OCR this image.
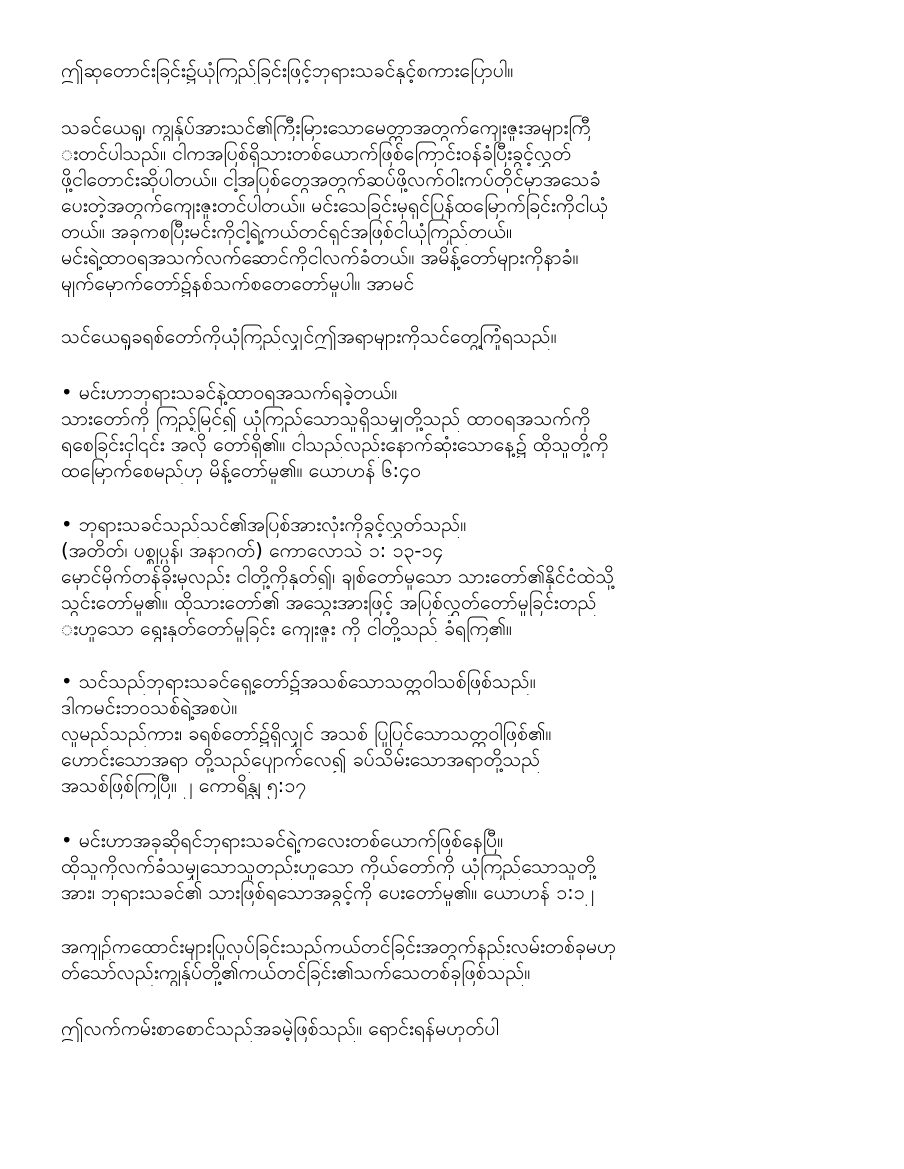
ဤဆုတောင်းခြင်း၌ယုံကြည်ခြင်းဖြင့်ဘုရားသခင်နှင့်စကားပြောပါ။

သခင်ယေရှု၊ ကျွန်ုပ်အားသင်၏ကြီးမြားသောမေတ္တာအတွက်ကျေးဇူးအများကြီ
းတင်ပါသည်။ ငါကအပြစ်ရှိသားတစ်ယောက်ဖြစ်ကြောင်းဝန်ခံပြီးခွင့်လွှတ်
ဖို့ငါတောင်းဆိုပါတယ်။ ငါ့အပြစ်တွေအတွက်ဆပ်ဖို့လက်ဝါးကပ်တိုင်မှာအသေခံ
ပေးတဲ့အတွက်ကျေးဇူးတင်ပါတယ်။ မင်းသေခြင်းမှရှင်ပြန်ထမြောက်ခြင်းကိုငါယုံ
တယ်။ အခုကစပြီးမင်းကိုငါ့ရဲ့ကယ်တင်ရှင်အဖြစ်ငါယုံကြည်တယ်။
မင်းရဲ့ထာဝရအသက်လက်ဆောင်ကိုငါလက်ခံတယ်။ အမိန့်တော်များကိုနာခံ။
မျက်မှောက်တော်၌နစ်သက်စတေတော်မူပါ။ အာမင်

သင်ယေရှုခရစ်တော်ကိုယုံကြည်လျှင်ဤအရာများကိုသင်တွေ့ကြုံရသည်။

• မင်းဟာဘုရားသခင်နဲ့ထာဝရအသက်ရခဲ့တယ်။
သားတော်ကို ကြည့်မြင်၍ ယုံကြည်သောသူရှိသမျှတို့သည် ထာဝရအသက်ကို
ရစေခြင်းငှါ၎င်း အလို တော်ရှိ၏။ ငါသည်လည်းနောက်ဆုံးသောနေ့၌ ထိုသူတို့ကို
ထမြောက်စေမည်ဟု မိန့်တော်မူ၏။ ယောဟန် ၆:၄၀

• ဘုရားသခင်သည်သင်၏အပြစ်အားလုံးကိုခွင့်လွှတ်သည်။
(အတိတ်၊ ပစ္စုပ္ပန်၊ အနာဂတ်) ကောလောသဲ ၁: ၁၃-၁၄
မှောင်မိုက်တန်ခိုးမှလည်း ငါတို့ကိုနုတ်၍၊ ချစ်တော်မူသော သားတော်၏နိုင်ငံထဲသို့
သွင်းတော်မူ၏။ ထိုသားတော်၏ အသွေးအားဖြင့် အပြစ်လွှတ်တော်မူခြင်းတည်
းဟူသော ရွေးနုတ်တော်မူခြင်း ကျေးဇူး ကို ငါတို့သည် ခံရကြ၏။

• သင်သည်ဘုရားသခင်ရှေ့တော်၌အသစ်သောသတ္တဝါသစ်ဖြစ်သည်။
ဒါကမင်းဘဝသစ်ရဲ့အစပဲ။
လူမည်သည်ကား၊ ခရစ်တော်၌ရှိလျှင် အသစ် ပြုပြင်သောသတ္တဝါဖြစ်၏။
ဟောင်းသောအရာ တို့သည်ပျောက်လေ၍ ခပ်သိမ်းသောအရာတို့သည်
အသစ်ဖြစ်ကြပြီ။ ၂ ကောရိန္သု ၅:၁၇

• မင်းဟာအခုဆိုရင်ဘုရားသခင်ရဲ့ကလေးတစ်ယောက်ဖြစ်နေပြီ။
ထိုသူကိုလက်ခံသမျှသောသူတည်းဟူသော ကိုယ်တော်ကို ယုံကြည်သောသူတို့
အား၊ ဘုရားသခင်၏ သားဖြစ်ရသောအခွင့်ကို ပေးတော်မူ၏။ ယောဟန် ၁:၁၂

အကျဉ်ကထောင်းများပြုလုပ်ခြင်းသည်ကယ်တင်ခြင်းအတွက်နည်းလမ်းတစ်ခုမဟု
တ်သော်လည်းကျွန်ုပ်တို့၏ကယ်တင်ခြင်း၏သက်သေတစ်ခုဖြစ်သည်။

ဤလက်ကမ်းစာစောင်သည်အခမဲ့ဖြစ်သည်။ ရောင်းရန်မဟုတ်ပါ
